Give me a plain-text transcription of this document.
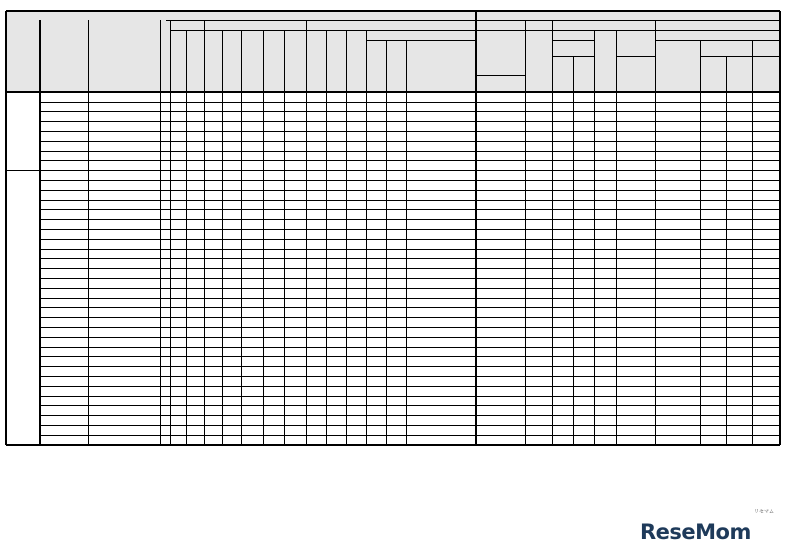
ReseMom
リセマム
